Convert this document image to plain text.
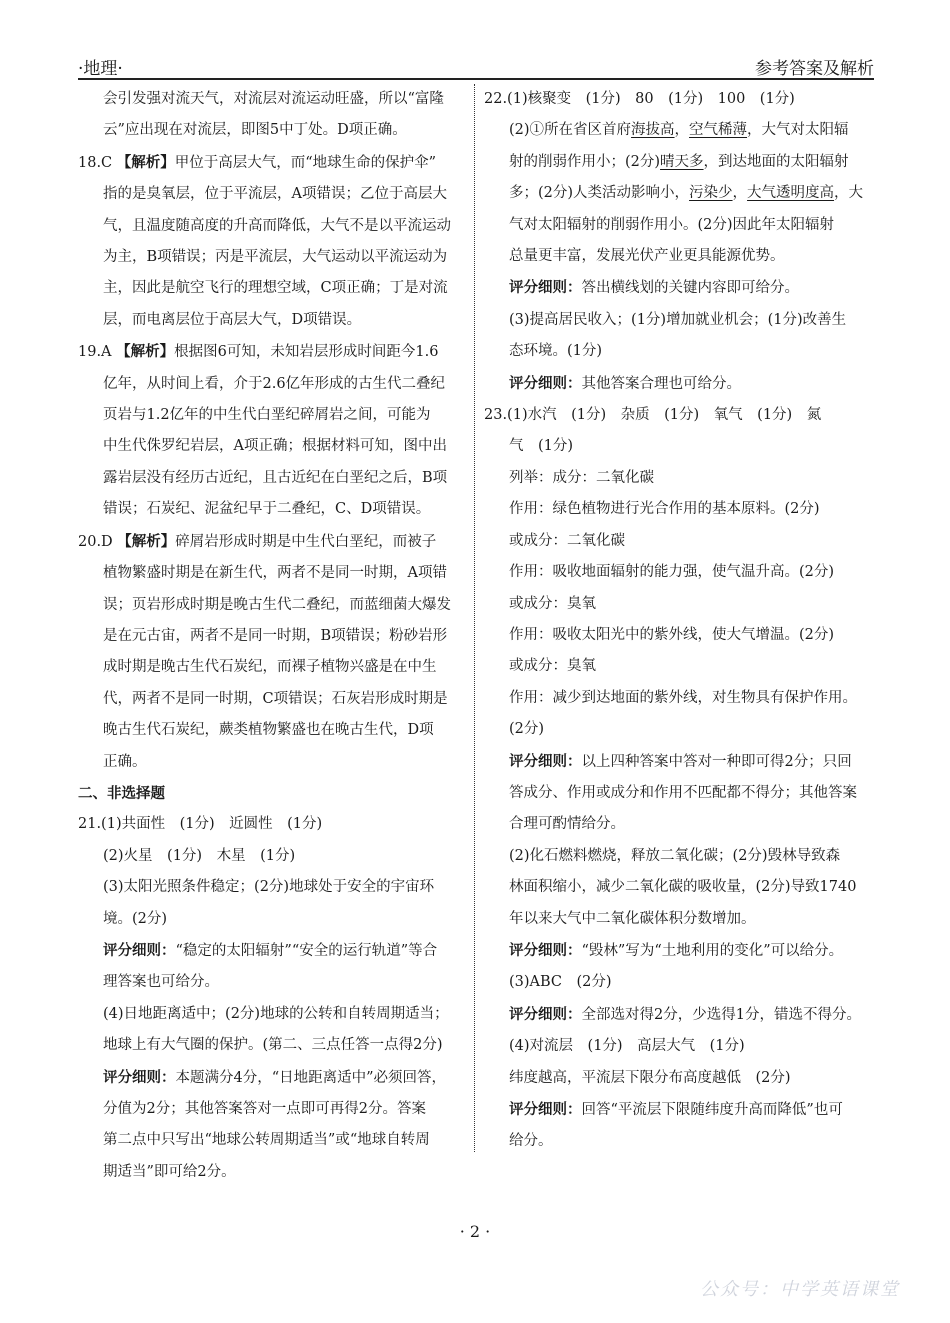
·地理·	参考答案及解析

会引发强对流天气，对流层对流运动旺盛，所以“富隆

云”应出现在对流层，即图5中丁处。D项正确。

18.C 【解析】甲位于高层大气，而“地球生命的保护伞”

指的是臭氧层，位于平流层，A项错误；乙位于高层大

气，且温度随高度的升高而降低，大气不是以平流运动

为主，B项错误；丙是平流层，大气运动以平流运动为

主，因此是航空飞行的理想空域，C项正确；丁是对流

层，而电离层位于高层大气，D项错误。

19.A 【解析】根据图6可知，未知岩层形成时间距今1.6

亿年，从时间上看，介于2.6亿年形成的古生代二叠纪

页岩与1.2亿年的中生代白垩纪碎屑岩之间，可能为

中生代侏罗纪岩层，A项正确；根据材料可知，图中出

露岩层没有经历古近纪，且古近纪在白垩纪之后，B项

错误；石炭纪、泥盆纪早于二叠纪，C、D项错误。

20.D 【解析】碎屑岩形成时期是中生代白垩纪，而被子

植物繁盛时期是在新生代，两者不是同一时期，A项错

误；页岩形成时期是晚古生代二叠纪，而蓝细菌大爆发

是在元古宙，两者不是同一时期，B项错误；粉砂岩形

成时期是晚古生代石炭纪，而裸子植物兴盛是在中生

代，两者不是同一时期，C项错误；石灰岩形成时期是

晚古生代石炭纪，蕨类植物繁盛也在晚古生代，D项

正确。

二、非选择题

21.(1)共面性　(1分)　近圆性　(1分)

(2)火星　(1分)　木星　(1分)

(3)太阳光照条件稳定；(2分)地球处于安全的宇宙环

境。(2分)

评分细则：“稳定的太阳辐射”“安全的运行轨道”等合

理答案也可给分。

(4)日地距离适中；(2分)地球的公转和自转周期适当；

地球上有大气圈的保护。(第二、三点任答一点得2分)

评分细则：本题满分4分，“日地距离适中”必须回答，

分值为2分；其他答案答对一点即可再得2分。答案

第二点中只写出“地球公转周期适当”或“地球自转周

期适当”即可给2分。

22.(1)核聚变　(1分)　80　(1分)　100　(1分)

(2)①所在省区首府海拔高，空气稀薄，大气对太阳辐

射的削弱作用小；(2分)晴天多，到达地面的太阳辐射

多；(2分)人类活动影响小，污染少，大气透明度高，大

气对太阳辐射的削弱作用小。(2分)因此年太阳辐射

总量更丰富，发展光伏产业更具能源优势。

评分细则：答出横线划的关键内容即可给分。

(3)提高居民收入；(1分)增加就业机会；(1分)改善生

态环境。(1分)

评分细则：其他答案合理也可给分。

23.(1)水汽　(1分)　杂质　(1分)　氧气　(1分)　氮

气　(1分)

列举：成分：二氧化碳

作用：绿色植物进行光合作用的基本原料。(2分)

或成分：二氧化碳

作用：吸收地面辐射的能力强，使气温升高。(2分)

或成分：臭氧

作用：吸收太阳光中的紫外线，使大气增温。(2分)

或成分：臭氧

作用：减少到达地面的紫外线，对生物具有保护作用。

(2分)

评分细则：以上四种答案中答对一种即可得2分；只回

答成分、作用或成分和作用不匹配都不得分；其他答案

合理可酌情给分。

(2)化石燃料燃烧，释放二氧化碳；(2分)毁林导致森

林面积缩小，减少二氧化碳的吸收量，(2分)导致1740

年以来大气中二氧化碳体积分数增加。

评分细则：“毁林”写为“土地利用的变化”可以给分。

(3)ABC　(2分)

评分细则：全部选对得2分，少选得1分，错选不得分。

(4)对流层　(1分)　高层大气　(1分)

纬度越高，平流层下限分布高度越低　(2分)

评分细则：回答“平流层下限随纬度升高而降低”也可

给分。

· 2 ·
公众号：中学英语课堂
